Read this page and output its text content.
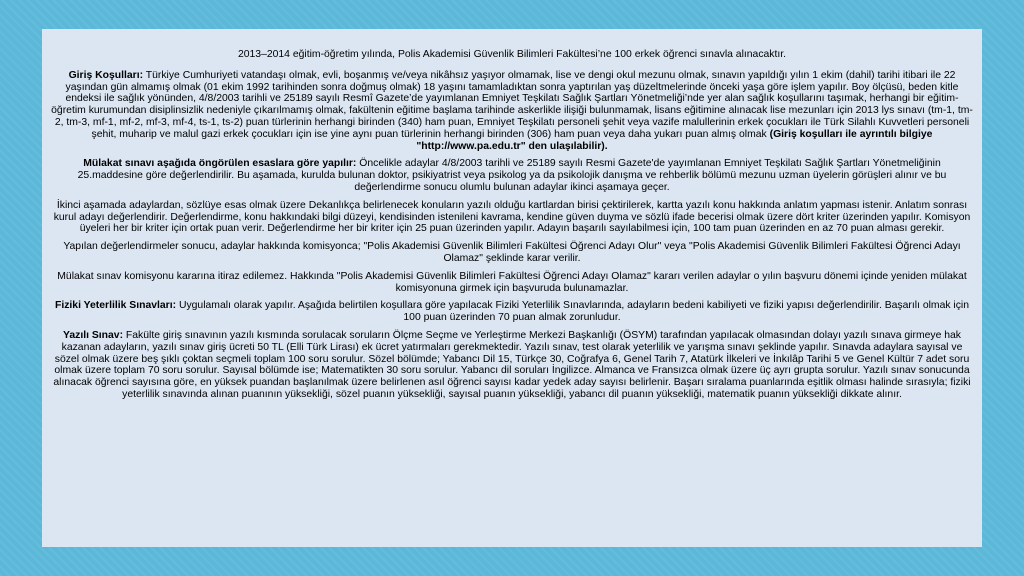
2013–2014 eğitim-öğretim yılında, Polis Akademisi Güvenlik Bilimleri Fakültesi’ne 100 erkek öğrenci sınavla alınacaktır.

Giriş Koşulları: Türkiye Cumhuriyeti vatandaşı olmak, evli, boşanmış ve/veya nikâhsız yaşıyor olmamak, lise ve dengi okul mezunu olmak, sınavın yapıldığı yılın 1 ekim (dahil) tarihi itibari ile 22 yaşından gün almamış olmak (01 ekim 1992 tarihinden sonra doğmuş olmak) 18 yaşını tamamladıktan sonra yaptırılan yaş düzeltmelerinde önceki yaşa göre işlem yapılır. Boy ölçüsü, beden kitle endeksi ile sağlık yönünden, 4/8/2003 tarihli ve 25189 sayılı Resmî Gazete’de yayımlanan Emniyet Teşkilatı Sağlık Şartları Yönetmeliği’nde yer alan sağlık koşullarını taşımak, herhangi bir eğitim-öğretim kurumundan disiplinsizlik nedeniyle çıkarılmamış olmak, fakültenin eğitime başlama tarihinde askerlikle ilişiği bulunmamak, lisans eğitimine alınacak lise mezunları için 2013 lys sınavı (tm-1, tm-2, tm-3, mf-1, mf-2, mf-3, mf-4, ts-1, ts-2) puan türlerinin herhangi birinden (340) ham puan, Emniyet Teşkilatı personeli şehit veya vazife malullerinin erkek çocukları ile Türk Silahlı Kuvvetleri personeli şehit, muharip ve malul gazi erkek çocukları için ise yine aynı puan türlerinin herhangi birinden (306) ham puan veya daha yukarı puan almış olmak (Giriş koşulları ile ayrıntılı bilgiye "http://www.pa.edu.tr" den ulaşılabilir).

Mülakat sınavı aşağıda öngörülen esaslara göre yapılır: Öncelikle adaylar 4/8/2003 tarihli ve 25189 sayılı Resmi Gazete'de yayımlanan Emniyet Teşkilatı Sağlık Şartları Yönetmeliğinin 25.maddesine göre değerlendirilir. Bu aşamada, kurulda bulunan doktor, psikiyatrist veya psikolog ya da psikolojik danışma ve rehberlik bölümü mezunu uzman üyelerin görüşleri alınır ve bu değerlendirme sonucu olumlu bulunan adaylar ikinci aşamaya geçer.

İkinci aşamada adaylardan, sözlüye esas olmak üzere Dekanlıkça belirlenecek konuların yazılı olduğu kartlardan birisi çektirilerek, kartta yazılı konu hakkında anlatım yapması istenir. Anlatım sonrası kurul adayı değerlendirir. Değerlendirme, konu hakkındaki bilgi düzeyi, kendisinden istenileni kavrama, kendine güven duyma ve sözlü ifade becerisi olmak üzere dört kriter üzerinden yapılır. Komisyon üyeleri her bir kriter için ortak puan verir. Değerlendirme her bir kriter için 25 puan üzerinden yapılır. Adayın başarılı sayılabilmesi için, 100 tam puan üzerinden en az 70 puan alması gerekir.

Yapılan değerlendirmeler sonucu, adaylar hakkında komisyonca; "Polis Akademisi Güvenlik Bilimleri Fakültesi Öğrenci Adayı Olur" veya "Polis Akademisi Güvenlik Bilimleri Fakültesi Öğrenci Adayı Olamaz" şeklinde karar verilir.

Mülakat sınav komisyonu kararına itiraz edilemez. Hakkında "Polis Akademisi Güvenlik Bilimleri Fakültesi Öğrenci Adayı Olamaz" kararı verilen adaylar o yılın başvuru dönemi içinde yeniden mülakat komisyonuna girmek için başvuruda bulunamazlar.

Fiziki Yeterlilik Sınavları: Uygulamalı olarak yapılır. Aşağıda belirtilen koşullara göre yapılacak Fiziki Yeterlilik Sınavlarında, adayların bedeni kabiliyeti ve fiziki yapısı değerlendirilir. Başarılı olmak için 100 puan üzerinden 70 puan almak zorunludur.

Yazılı Sınav: Fakülte giriş sınavının yazılı kısmında sorulacak soruların Ölçme Seçme ve Yerleştirme Merkezi Başkanlığı (ÖSYM) tarafından yapılacak olmasından dolayı yazılı sınava girmeye hak kazanan adayların, yazılı sınav giriş ücreti 50 TL (Elli Türk Lirası) ek ücret yatırmaları gerekmektedir. Yazılı sınav, test olarak yeterlilik ve yarışma sınavı şeklinde yapılır. Sınavda adaylara sayısal ve sözel olmak üzere beş şıklı çoktan seçmeli toplam 100 soru sorulur. Sözel bölümde; Yabancı Dil 15, Türkçe 30, Coğrafya 6, Genel Tarih 7, Atatürk İlkeleri ve İnkılâp Tarihi 5 ve Genel Kültür 7 adet soru olmak üzere toplam 70 soru sorulur. Sayısal bölümde ise; Matematikten 30 soru sorulur. Yabancı dil soruları İngilizce. Almanca ve Fransızca olmak üzere üç ayrı grupta sorulur. Yazılı sınav sonucunda alınacak öğrenci sayısına göre, en yüksek puandan başlanılmak üzere belirlenen asıl öğrenci sayısı kadar yedek aday sayısı belirlenir. Başarı sıralama puanlarında eşitlik olması halinde sırasıyla; fiziki yeterlilik sınavında alınan puanının yüksekliği, sözel puanın yüksekliği, sayısal puanın yüksekliği, yabancı dil puanın yüksekliği, matematik puanın yüksekliği dikkate alınır.
